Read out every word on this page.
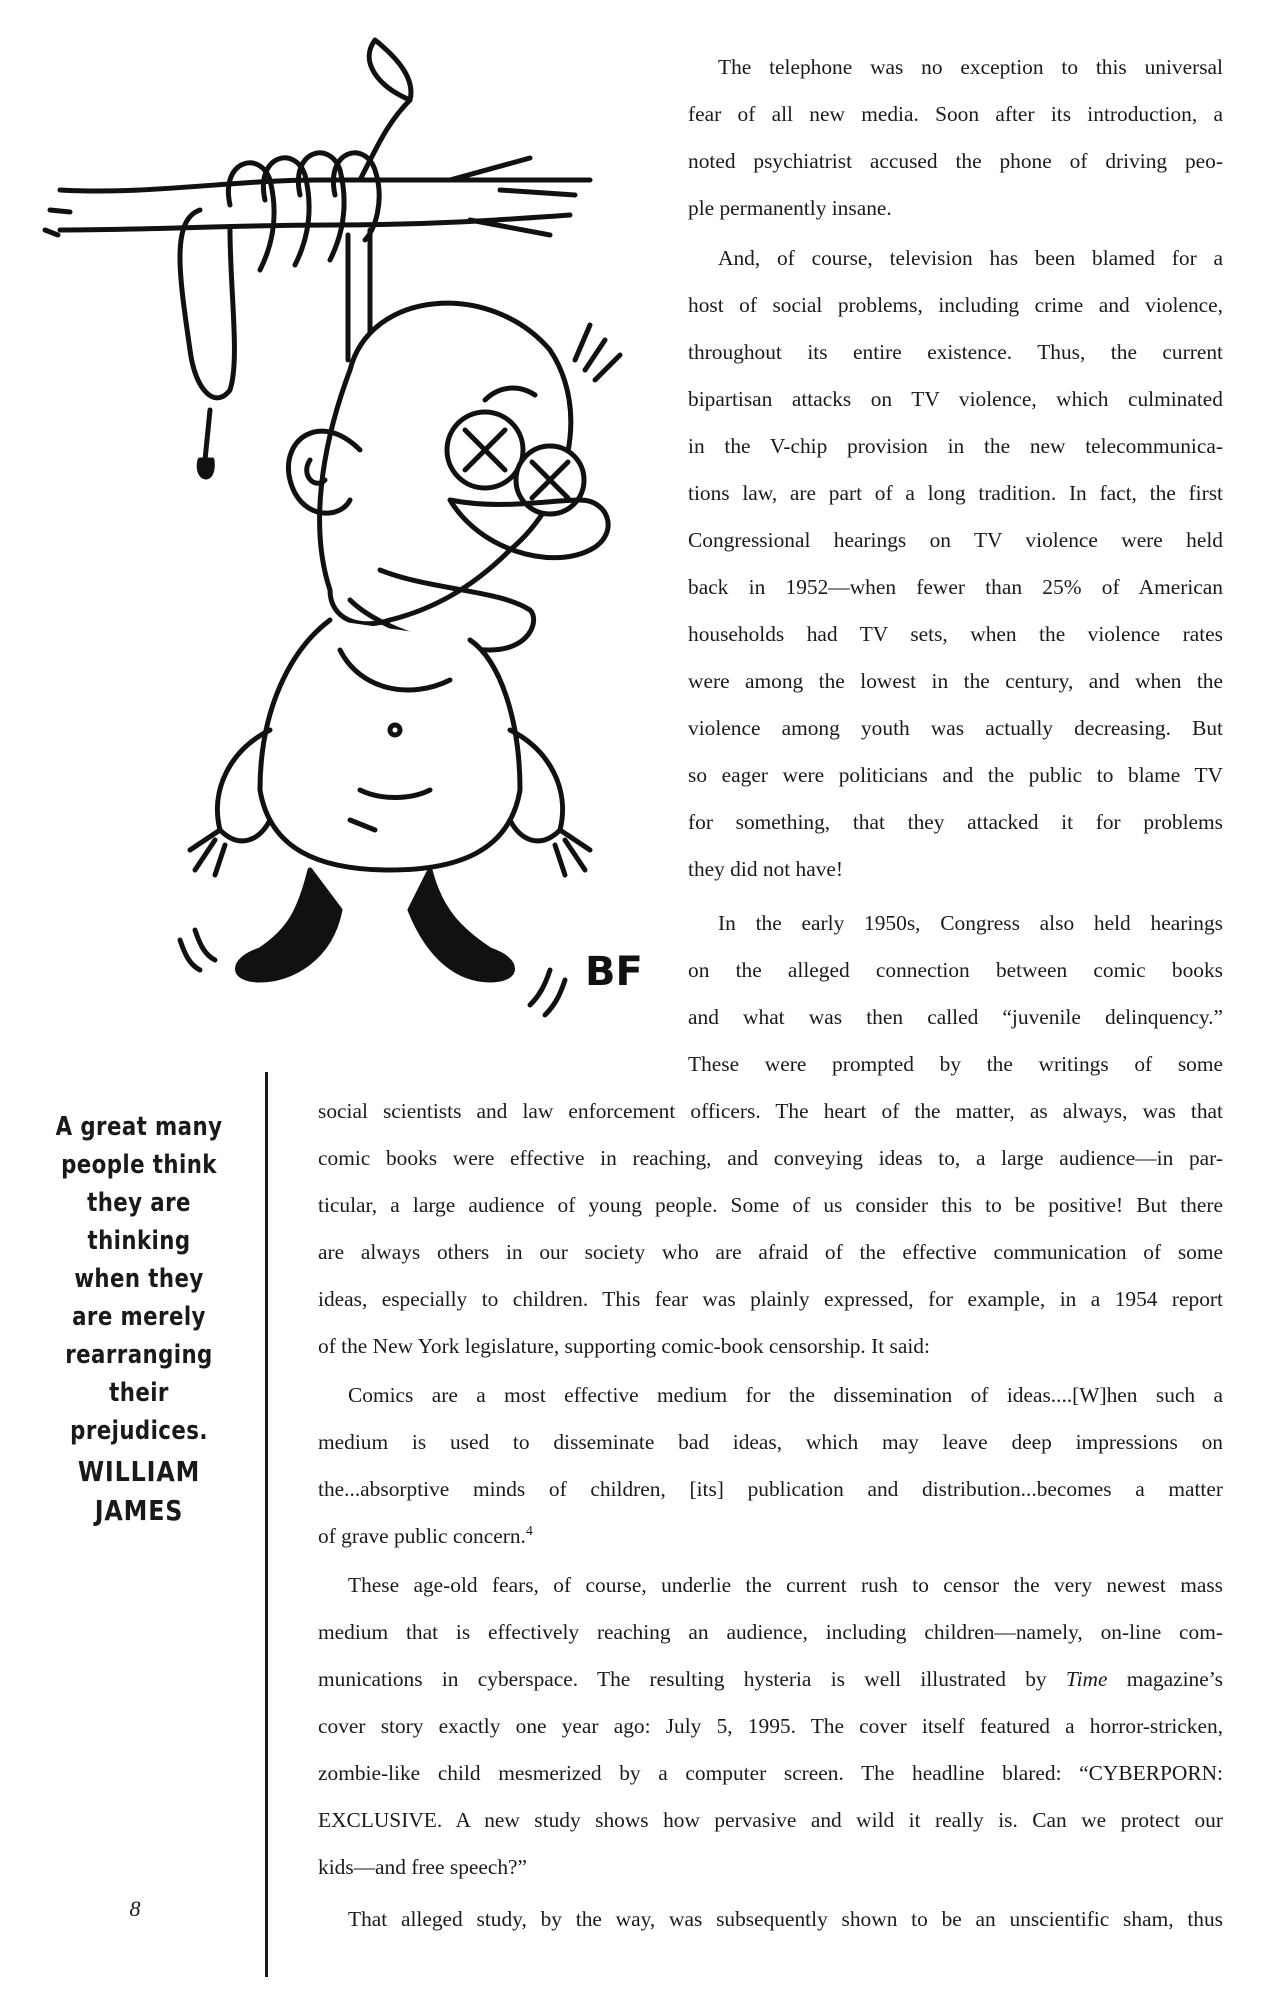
BF
The telephone was no exception to this universal
fear of all new media. Soon after its introduction, a
noted psychiatrist accused the phone of driving peo-
ple permanently insane.
And, of course, television has been blamed for a
host of social problems, including crime and violence,
throughout its entire existence. Thus, the current
bipartisan attacks on TV violence, which culminated
in the V-chip provision in the new telecommunica-
tions law, are part of a long tradition. In fact, the first
Congressional hearings on TV violence were held
back in 1952—when fewer than 25% of American
households had TV sets, when the violence rates
were among the lowest in the century, and when the
violence among youth was actually decreasing. But
so eager were politicians and the public to blame TV
for something, that they attacked it for problems
they did not have!
In the early 1950s, Congress also held hearings
on the alleged connection between comic books
and what was then called “juvenile delinquency.”
These were prompted by the writings of some
social scientists and law enforcement officers. The heart of the matter, as always, was that
comic books were effective in reaching, and conveying ideas to, a large audience—in par-
ticular, a large audience of young people. Some of us consider this to be positive! But there
are always others in our society who are afraid of the effective communication of some
ideas, especially to children. This fear was plainly expressed, for example, in a 1954 report
of the New York legislature, supporting comic-book censorship. It said:
Comics are a most effective medium for the dissemination of ideas....[W]hen such a
medium is used to disseminate bad ideas, which may leave deep impressions on
the...absorptive minds of children, [its] publication and distribution...becomes a matter
of grave public concern.$^4$
These age-old fears, of course, underlie the current rush to censor the very newest mass
medium that is effectively reaching an audience, including children—namely, on-line com-
munications in cyberspace. The resulting hysteria is well illustrated by Time magazine’s
cover story exactly one year ago: July 5, 1995. The cover itself featured a horror-stricken,
zombie-like child mesmerized by a computer screen. The headline blared: “CYBERPORN:
EXCLUSIVE. A new study shows how pervasive and wild it really is. Can we protect our
kids—and free speech?”
That alleged study, by the way, was subsequently shown to be an unscientific sham, thus
A great many
people think
they are
thinking
when they
are merely
rearranging
their prejudices.
WILLIAM
JAMES
8
